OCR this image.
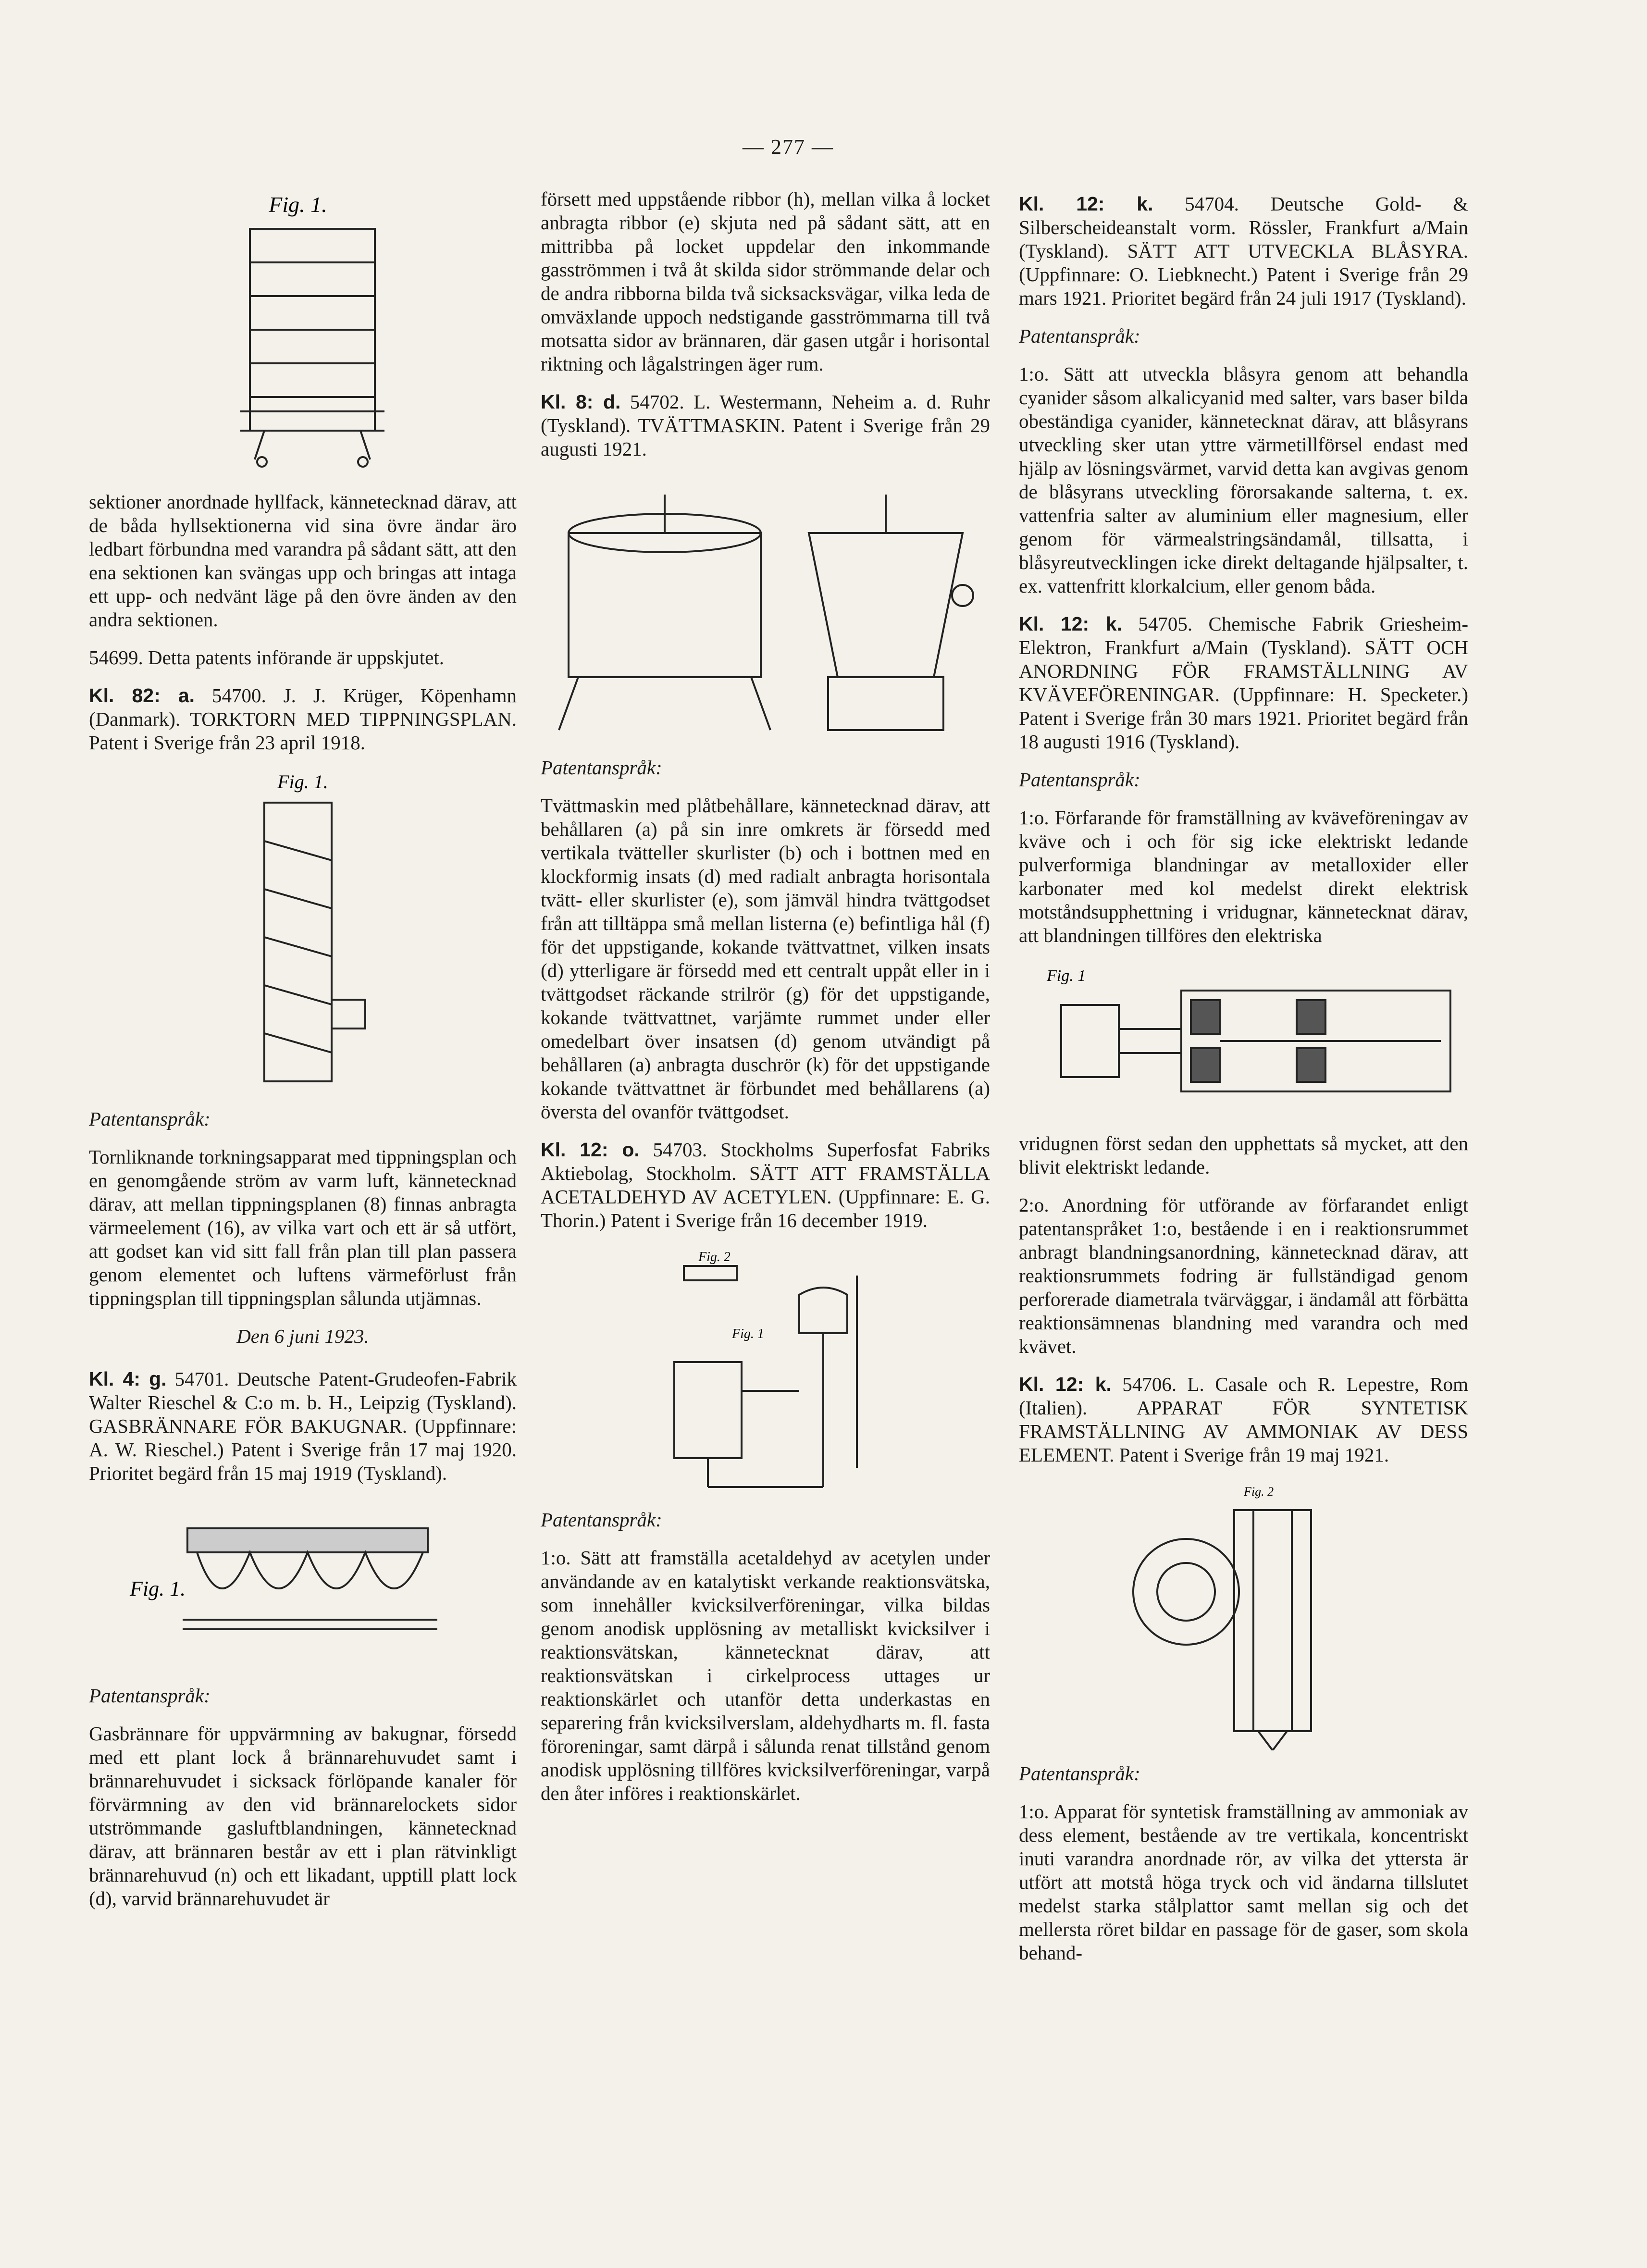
— 277 —
Fig. 1.

sektioner anordnade hyllfack, kännetecknad därav, att de båda hyllsektionerna vid sina övre ändar äro ledbart förbundna med varandra på sådant sätt, att den ena sektionen kan svängas upp och bringas att intaga ett upp- och nedvänt läge på den övre änden av den andra sektionen.

54699. Detta patents införande är uppskjutet.

Kl. 82: a. 54700. J. J. Krüger, Köpenhamn (Danmark). TORKTORN MED TIPPNINGSPLAN. Patent i Sverige från 23 april 1918.

Fig. 1.

Patentanspråk:

Tornliknande torkningsapparat med tippningsplan och en genomgående ström av varm luft, kännetecknad därav, att mellan tippningsplanen (8) finnas anbragta värmeelement (16), av vilka vart och ett är så utfört, att godset kan vid sitt fall från plan till plan passera genom elementet och luftens värmeförlust från tippningsplan till tippningsplan sålunda utjämnas.

Den 6 juni 1923.

Kl. 4: g. 54701. Deutsche Patent-Grudeofen-Fabrik Walter Rieschel & C:o m. b. H., Leipzig (Tyskland). GASBRÄNNARE FÖR BAKUGNAR. (Uppfinnare: A. W. Rieschel.) Patent i Sverige från 17 maj 1920. Prioritet begärd från 15 maj 1919 (Tyskland).

Fig. 1.

Patentanspråk:

Gasbrännare för uppvärmning av bakugnar, försedd med ett plant lock å brännarehuvudet samt i brännarehuvudet i sicksack förlöpande kanaler för förvärmning av den vid brännarelockets sidor utströmmande gasluftblandningen, kännetecknad därav, att brännaren består av ett i plan rätvinkligt brännarehuvud (n) och ett likadant, upptill platt lock (d), varvid brännarehuvudet är

försett med uppstående ribbor (h), mellan vilka å locket anbragta ribbor (e) skjuta ned på sådant sätt, att en mittribba på locket uppdelar den inkommande gasströmmen i två åt skilda sidor strömmande delar och de andra ribborna bilda två sicksacksvägar, vilka leda de omväxlande uppoch nedstigande gasströmmarna till två motsatta sidor av brännaren, där gasen utgår i horisontal riktning och lågalstringen äger rum.

Kl. 8: d. 54702. L. Westermann, Neheim a. d. Ruhr (Tyskland). TVÄTTMASKIN. Patent i Sverige från 29 augusti 1921.

Patentanspråk:

Tvättmaskin med plåtbehållare, kännetecknad därav, att behållaren (a) på sin inre omkrets är försedd med vertikala tvätteller skurlister (b) och i bottnen med en klockformig insats (d) med radialt anbragta horisontala tvätt- eller skurlister (e), som jämväl hindra tvättgodset från att tilltäppa små mellan listerna (e) befintliga hål (f) för det uppstigande, kokande tvättvattnet, vilken insats (d) ytterligare är försedd med ett centralt uppåt eller in i tvättgodset räckande strilrör (g) för det uppstigande, kokande tvättvattnet, varjämte rummet under eller omedelbart över insatsen (d) genom utvändigt på behållaren (a) anbragta duschrör (k) för det uppstigande kokande tvättvattnet är förbundet med behållarens (a) översta del ovanför tvättgodset.

Kl. 12: o. 54703. Stockholms Superfosfat Fabriks Aktiebolag, Stockholm. SÄTT ATT FRAMSTÄLLA ACETALDEHYD AV ACETYLEN. (Uppfinnare: E. G. Thorin.) Patent i Sverige från 16 december 1919.

Fig. 2
Fig. 1

Patentanspråk:

1:o. Sätt att framställa acetaldehyd av acetylen under användande av en katalytiskt verkande reaktionsvätska, som innehåller kvicksilverföreningar, vilka bildas genom anodisk upplösning av metalliskt kvicksilver i reaktionsvätskan, kännetecknat därav, att reaktionsvätskan i cirkelprocess uttages ur reaktionskärlet och utanför detta underkastas en separering från kvicksilverslam, aldehydharts m. fl. fasta föroreningar, samt därpå i sålunda renat tillstånd genom anodisk upplösning tillföres kvicksilverföreningar, varpå den åter införes i reaktionskärlet.

Kl. 12: k. 54704. Deutsche Gold- & Silberscheideanstalt vorm. Rössler, Frankfurt a/Main (Tyskland). SÄTT ATT UTVECKLA BLÅSYRA. (Uppfinnare: O. Liebknecht.) Patent i Sverige från 29 mars 1921. Prioritet begärd från 24 juli 1917 (Tyskland).

Patentanspråk:

1:o. Sätt att utveckla blåsyra genom att behandla cyanider såsom alkalicyanid med salter, vars baser bilda obeständiga cyanider, kännetecknat därav, att blåsyrans utveckling sker utan yttre värmetillförsel endast med hjälp av lösningsvärmet, varvid detta kan avgivas genom de blåsyrans utveckling förorsakande salterna, t. ex. vattenfria salter av aluminium eller magnesium, eller genom för värmealstringsändamål, tillsatta, i blåsyreutvecklingen icke direkt deltagande hjälpsalter, t. ex. vattenfritt klorkalcium, eller genom båda.

Kl. 12: k. 54705. Chemische Fabrik Griesheim-Elektron, Frankfurt a/Main (Tyskland). SÄTT OCH ANORDNING FÖR FRAMSTÄLLNING AV KVÄVEFÖRENINGAR. (Uppfinnare: H. Specketer.) Patent i Sverige från 30 mars 1921. Prioritet begärd från 18 augusti 1916 (Tyskland).

Patentanspråk:

1:o. Förfarande för framställning av kväveföreningav av kväve och i och för sig icke elektriskt ledande pulverformiga blandningar av metalloxider eller karbonater med kol medelst direkt elektrisk motståndsupphettning i vridugnar, kännetecknat därav, att blandningen tillföres den elektriska

Fig. 1

vridugnen först sedan den upphettats så mycket, att den blivit elektriskt ledande.

2:o. Anordning för utförande av förfarandet enligt patentanspråket 1:o, bestående i en i reaktionsrummet anbragt blandningsanordning, kännetecknad därav, att reaktionsrummets fodring är fullständigad genom perforerade diametrala tvärväggar, i ändamål att förbätta reaktionsämnenas blandning med varandra och med kvävet.

Kl. 12: k. 54706. L. Casale och R. Lepestre, Rom (Italien). APPARAT FÖR SYNTETISK FRAMSTÄLLNING AV AMMONIAK AV DESS ELEMENT. Patent i Sverige från 19 maj 1921.

Fig. 2

Patentanspråk:

1:o. Apparat för syntetisk framställning av ammoniak av dess element, bestående av tre vertikala, koncentriskt inuti varandra anordnade rör, av vilka det yttersta är utfört att motstå höga tryck och vid ändarna tillslutet medelst starka stålplattor samt mellan sig och det mellersta röret bildar en passage för de gaser, som skola behand-
